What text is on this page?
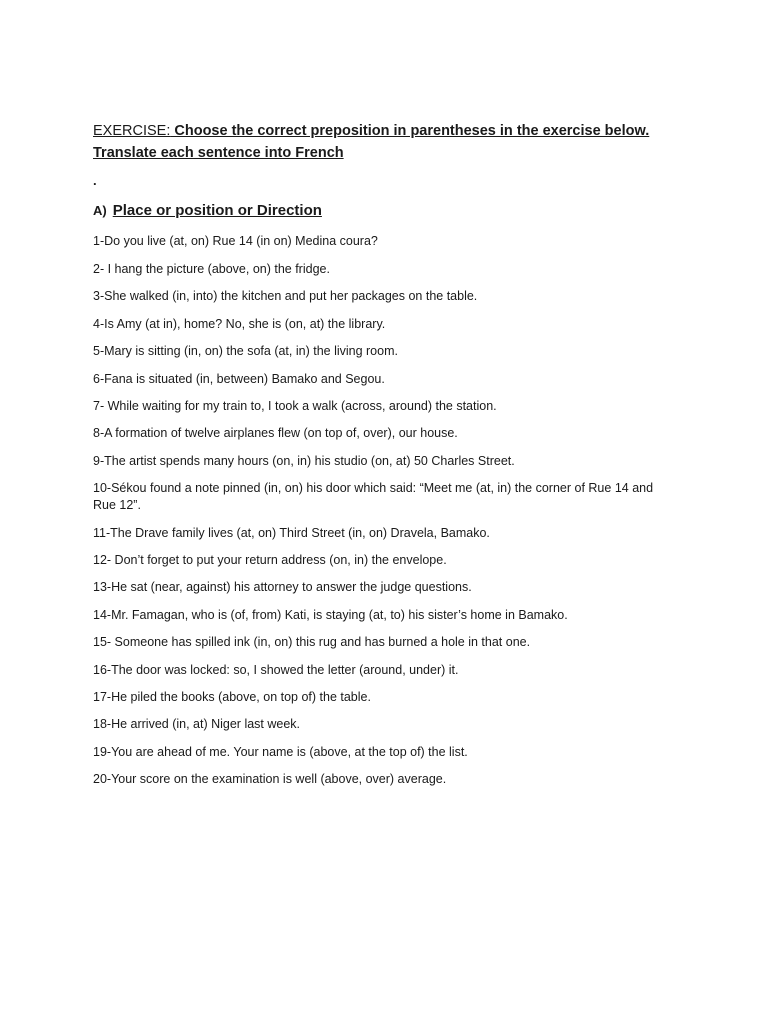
EXERCISE: Choose the correct preposition in parentheses in the exercise below. Translate each sentence into French
.
A) Place or position or Direction
1-Do you live (at, on) Rue 14 (in on) Medina coura?
2- I hang the picture (above, on) the fridge.
3-She walked (in, into) the kitchen and put her packages on the table.
4-Is Amy (at in), home? No, she is (on, at) the library.
5-Mary is sitting (in, on) the sofa (at, in) the living room.
6-Fana is situated (in, between) Bamako and Segou.
7- While waiting for my train to, I took a walk (across, around) the station.
8-A formation of twelve airplanes flew (on top of, over), our house.
9-The artist spends many hours (on, in) his studio (on, at) 50 Charles Street.
10-Sékou found a note pinned (in, on) his door which said: “Meet me (at, in) the corner of Rue 14 and Rue 12”.
11-The Drave family lives (at, on) Third Street (in, on) Dravela, Bamako.
12- Don’t forget to put your return address (on, in) the envelope.
13-He sat (near, against) his attorney to answer the judge questions.
14-Mr. Famagan, who is (of, from) Kati, is staying (at, to) his sister’s home in Bamako.
15- Someone has spilled ink (in, on) this rug and has burned a hole in that one.
16-The door was locked: so, I showed the letter (around, under) it.
17-He piled the books (above, on top of) the table.
18-He arrived (in, at) Niger last week.
19-You are ahead of me. Your name is (above, at the top of) the list.
20-Your score on the examination is well (above, over) average.
